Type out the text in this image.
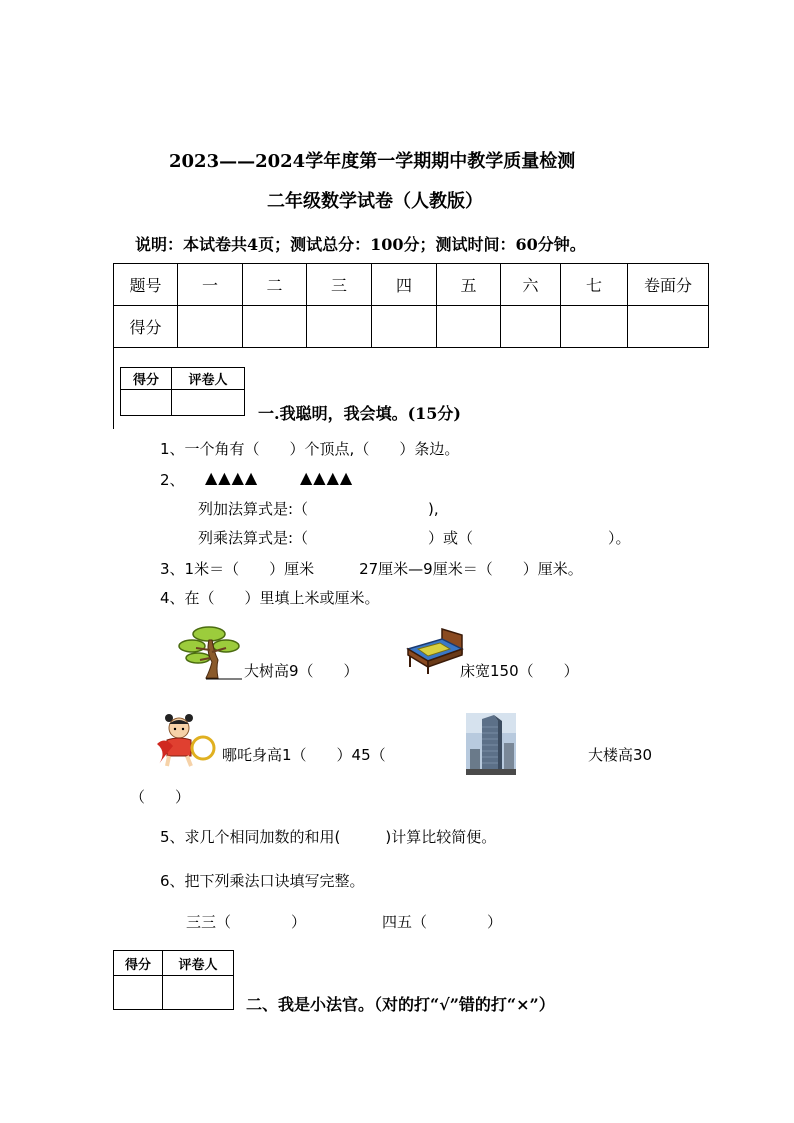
2023——2024学年度第一学期期中教学质量检测
二年级数学试卷（人教版）
说明：本试卷共4页；测试总分：100分；测试时间：60分钟。
题号	一	二	三	四	五	六	七	卷面分
得分								
得分	评卷人

一.我聪明，我会填。(15分)
1、一个角有（　　）个顶点,（　　）条边。
2、 ▲▲▲▲	▲▲▲▲
列加法算式是:（　　　　　　　　),
列乘法算式是:（　　　　　　　　）或（　　　　　　　　　）。
3、1米＝（　　）厘米　　　27厘米—9厘米＝（　　）厘米。
4、在（　　）里填上米或厘米。
大树高9（　　）	床宽150（　　）
哪吒身高1（　　）45（	大楼高30
（　　）
5、求几个相同加数的和用(　　　)计算比较简便。
6、把下列乘法口诀填写完整。
三三（　　　　）	四五（　　　　）
得分	评卷人

二、我是小法官。（对的打“√”错的打“×”）
